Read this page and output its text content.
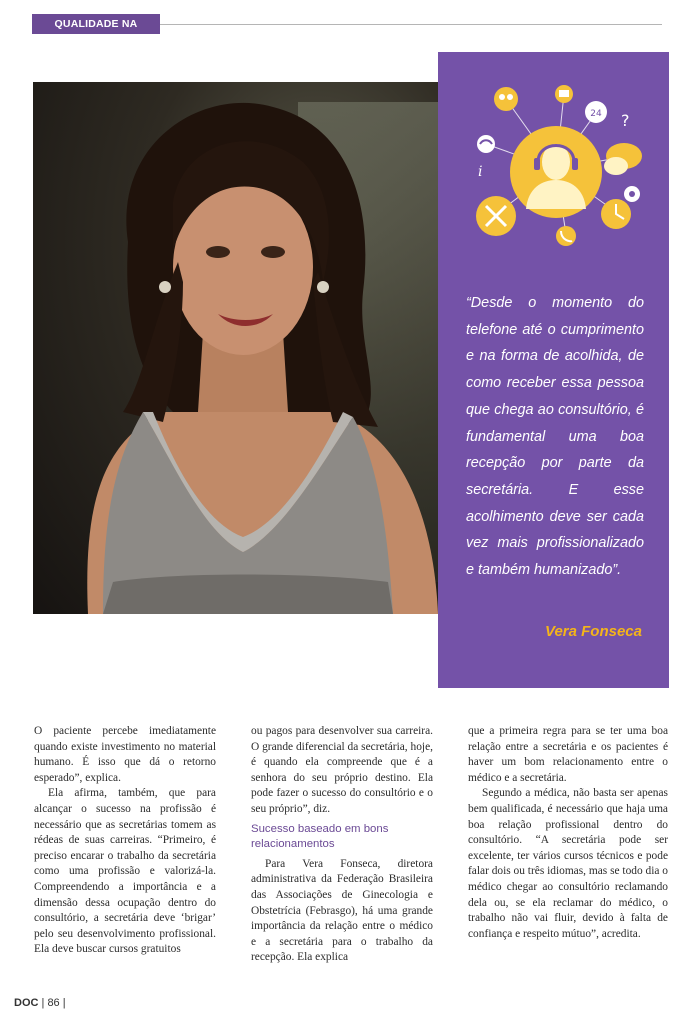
QUALIDADE NA RECEPÇÃO
24 ?
i
“Desde o momento do telefone até o cumprimento e na forma de acolhida, de como receber essa pessoa que chega ao consultório, é fundamental uma boa recepção por parte da secretária. E esse acolhimento deve ser cada vez mais profissionalizado e também humanizado”.
Vera Fonseca

O paciente percebe imediatamente quando existe investimento no material humano. É isso que dá o retorno esperado”, explica.

Ela afirma, também, que para alcançar o sucesso na profissão é necessário que as secretárias tomem as rédeas de suas carreiras. “Primeiro, é preciso encarar o trabalho da secretária como uma profissão e valorizá-la. Compreendendo a importância e a dimensão dessa ocupação dentro do consultório, a secretária deve ‘brigar’ pelo seu desenvolvimento profissional. Ela deve buscar cursos gratuitos

ou pagos para desenvolver sua carreira. O grande diferencial da secretária, hoje, é quando ela compreende que é a senhora do seu próprio destino. Ela pode fazer o sucesso do consultório e o seu próprio”, diz.

Sucesso baseado em bons relacionamentos

Para Vera Fonseca, diretora administrativa da Federação Brasileira das Associações de Ginecologia e Obstetrícia (Febrasgo), há uma grande importância da relação entre o médico e a secretária para o trabalho da recepção. Ela explica

que a primeira regra para se ter uma boa relação entre a secretária e os pacientes é haver um bom relacionamento entre o médico e a secretária.

Segundo a médica, não basta ser apenas bem qualificada, é necessário que haja uma boa relação profissional dentro do consultório. “A secretária pode ser excelente, ter vários cursos técnicos e pode falar dois ou três idiomas, mas se todo dia o médico chegar ao consultório reclamando dela ou, se ela reclamar do médico, o trabalho não vai fluir, devido à falta de confiança e respeito mútuo”, acredita.

DOC | 86 |
